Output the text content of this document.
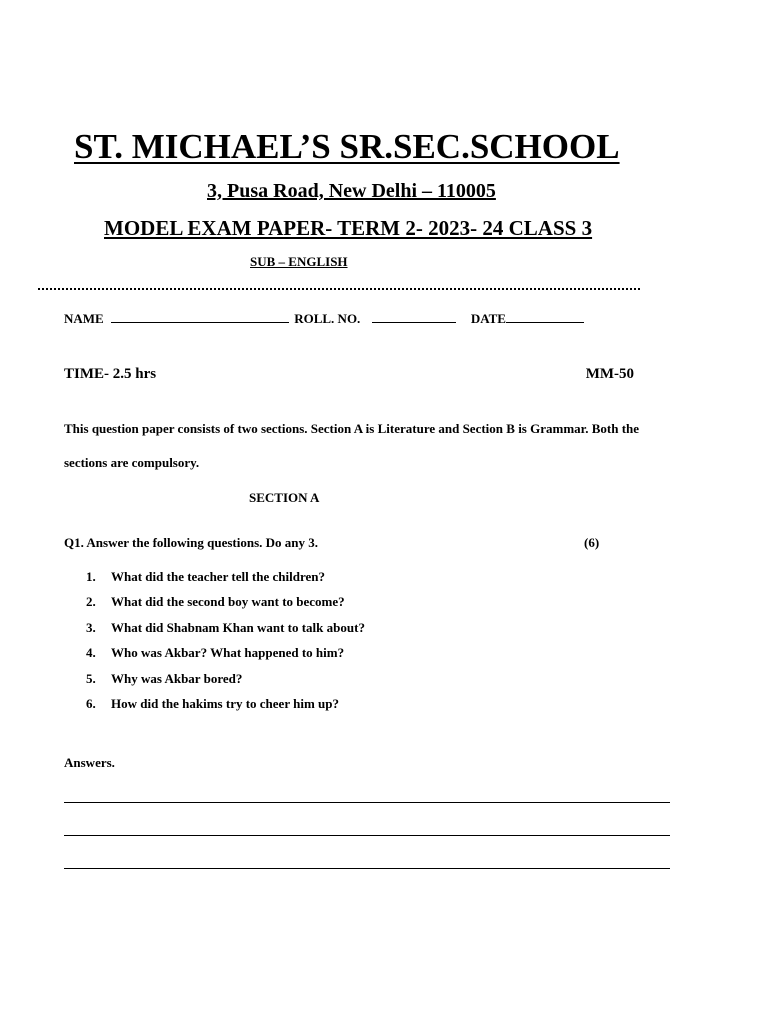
ST. MICHAEL’S SR.SEC.SCHOOL
3, Pusa Road, New Delhi – 110005
MODEL EXAM PAPER- TERM 2- 2023- 24 CLASS 3
SUB – ENGLISH
NAME	ROLL. NO.	DATE
TIME- 2.5 hrs	MM-50
This question paper consists of two sections. Section A is Literature and Section B is Grammar. Both the sections are compulsory.
SECTION A
Q1. Answer the following questions. Do any 3.	(6)
1. What did the teacher tell the children?
2. What did the second boy want to become?
3. What did Shabnam Khan want to talk about?
4. Who was Akbar? What happened to him?
5. Why was Akbar bored?
6. How did the hakims try to cheer him up?
Answers.
